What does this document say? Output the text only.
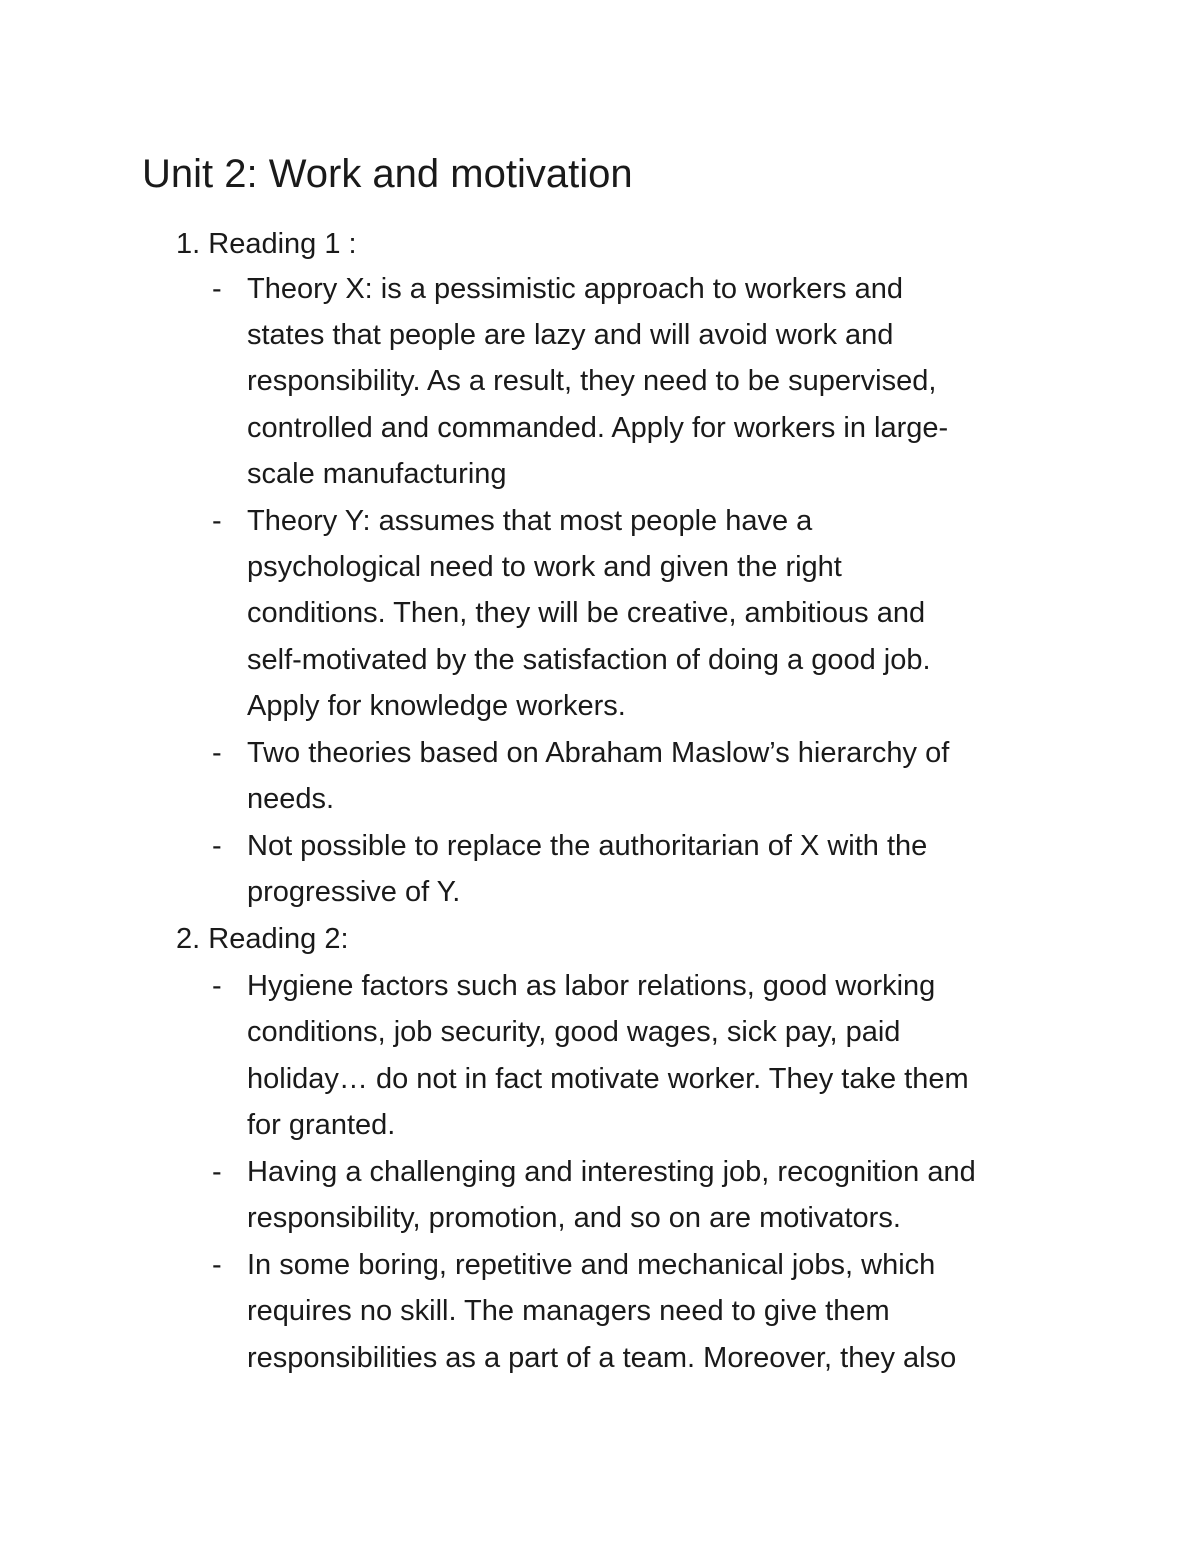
Unit 2: Work and motivation
1. Reading 1 :
- Theory X: is a pessimistic approach to workers and
states that people are lazy and will avoid work and
responsibility. As a result, they need to be supervised,
controlled and commanded. Apply for workers in large-
scale manufacturing
- Theory Y: assumes that most people have a
psychological need to work and given the right
conditions. Then, they will be creative, ambitious and
self-motivated by the satisfaction of doing a good job.
Apply for knowledge workers.
- Two theories based on Abraham Maslow’s hierarchy of
needs.
- Not possible to replace the authoritarian of X with the
progressive of Y.
2. Reading 2:
- Hygiene factors such as labor relations, good working
conditions, job security, good wages, sick pay, paid
holiday… do not in fact motivate worker. They take them
for granted.
- Having a challenging and interesting job, recognition and
responsibility, promotion, and so on are motivators.
- In some boring, repetitive and mechanical jobs, which
requires no skill. The managers need to give them
responsibilities as a part of a team. Moreover, they also
